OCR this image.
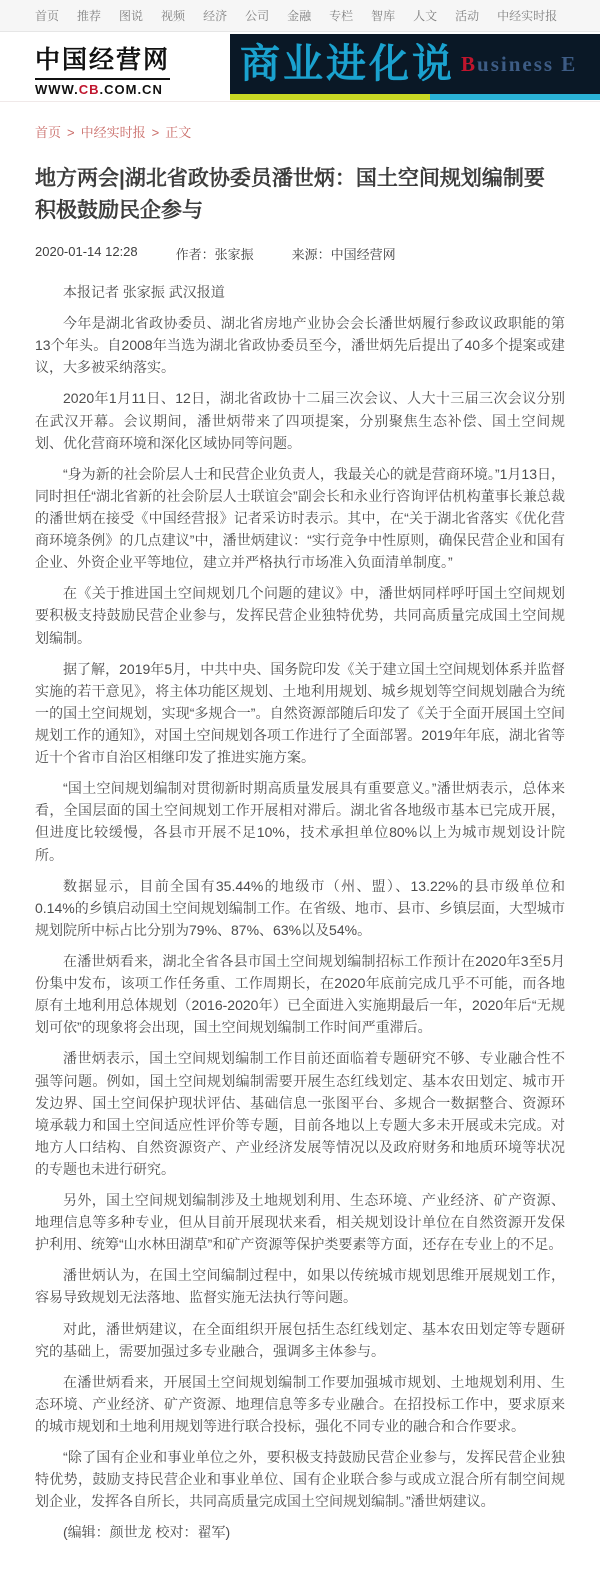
首页 推荐 图说 视频 经济 公司 金融 专栏 智库 人文 活动 中经实时报
中国经营网
WWW.CB.COM.CN
商业进化说 Business E
首页 > 中经实时报 > 正文
地方两会|湖北省政协委员潘世炳：国土空间规划编制要积极鼓励民企参与
2020-01-14 12:28	作者：张家振	来源：中国经营网

本报记者 张家振 武汉报道

今年是湖北省政协委员、湖北省房地产业协会会长潘世炳履行参政议政职能的第13个年头。自2008年当选为湖北省政协委员至今，潘世炳先后提出了40多个提案或建议，大多被采纳落实。

2020年1月11日、12日，湖北省政协十二届三次会议、人大十三届三次会议分别在武汉开幕。会议期间，潘世炳带来了四项提案，分别聚焦生态补偿、国土空间规划、优化营商环境和深化区域协同等问题。

“身为新的社会阶层人士和民营企业负责人，我最关心的就是营商环境。”1月13日，同时担任“湖北省新的社会阶层人士联谊会”副会长和永业行咨询评估机构董事长兼总裁的潘世炳在接受《中国经营报》记者采访时表示。其中，在“关于湖北省落实《优化营商环境条例》的几点建议”中，潘世炳建议：“实行竞争中性原则，确保民营企业和国有企业、外资企业平等地位，建立并严格执行市场准入负面清单制度。”

在《关于推进国土空间规划几个问题的建议》中，潘世炳同样呼吁国土空间规划要积极支持鼓励民营企业参与，发挥民营企业独特优势，共同高质量完成国土空间规划编制。

据了解，2019年5月，中共中央、国务院印发《关于建立国土空间规划体系并监督实施的若干意见》，将主体功能区规划、土地利用规划、城乡规划等空间规划融合为统一的国土空间规划，实现“多规合一”。自然资源部随后印发了《关于全面开展国土空间规划工作的通知》，对国土空间规划各项工作进行了全面部署。2019年年底，湖北省等近十个省市自治区相继印发了推进实施方案。

“国土空间规划编制对贯彻新时期高质量发展具有重要意义。”潘世炳表示，总体来看，全国层面的国土空间规划工作开展相对滞后。湖北省各地级市基本已完成开展，但进度比较缓慢，各县市开展不足10%，技术承担单位80%以上为城市规划设计院所。

数据显示，目前全国有35.44%的地级市（州、盟）、13.22%的县市级单位和0.14%的乡镇启动国土空间规划编制工作。在省级、地市、县市、乡镇层面，大型城市规划院所中标占比分别为79%、87%、63%以及54%。

在潘世炳看来，湖北全省各县市国土空间规划编制招标工作预计在2020年3至5月份集中发布，该项工作任务重、工作周期长，在2020年底前完成几乎不可能，而各地原有土地利用总体规划（2016-2020年）已全面进入实施期最后一年，2020年后“无规划可依”的现象将会出现，国土空间规划编制工作时间严重滞后。

潘世炳表示，国土空间规划编制工作目前还面临着专题研究不够、专业融合性不强等问题。例如，国土空间规划编制需要开展生态红线划定、基本农田划定、城市开发边界、国土空间保护现状评估、基础信息一张图平台、多规合一数据整合、资源环境承载力和国土空间适应性评价等专题，目前各地以上专题大多未开展或未完成。对地方人口结构、自然资源资产、产业经济发展等情况以及政府财务和地质环境等状况的专题也未进行研究。

另外，国土空间规划编制涉及土地规划利用、生态环境、产业经济、矿产资源、地理信息等多种专业，但从目前开展现状来看，相关规划设计单位在自然资源开发保护利用、统筹“山水林田湖草”和矿产资源等保护类要素等方面，还存在专业上的不足。

潘世炳认为，在国土空间编制过程中，如果以传统城市规划思维开展规划工作，容易导致规划无法落地、监督实施无法执行等问题。

对此，潘世炳建议，在全面组织开展包括生态红线划定、基本农田划定等专题研究的基础上，需要加强过多专业融合，强调多主体参与。

在潘世炳看来，开展国土空间规划编制工作要加强城市规划、土地规划利用、生态环境、产业经济、矿产资源、地理信息等多专业融合。在招投标工作中，要求原来的城市规划和土地利用规划等进行联合投标，强化不同专业的融合和合作要求。

“除了国有企业和事业单位之外，要积极支持鼓励民营企业参与，发挥民营企业独特优势，鼓励支持民营企业和事业单位、国有企业联合参与或成立混合所有制空间规划企业，发挥各自所长，共同高质量完成国土空间规划编制。”潘世炳建议。

(编辑：颜世龙 校对：翟军)
